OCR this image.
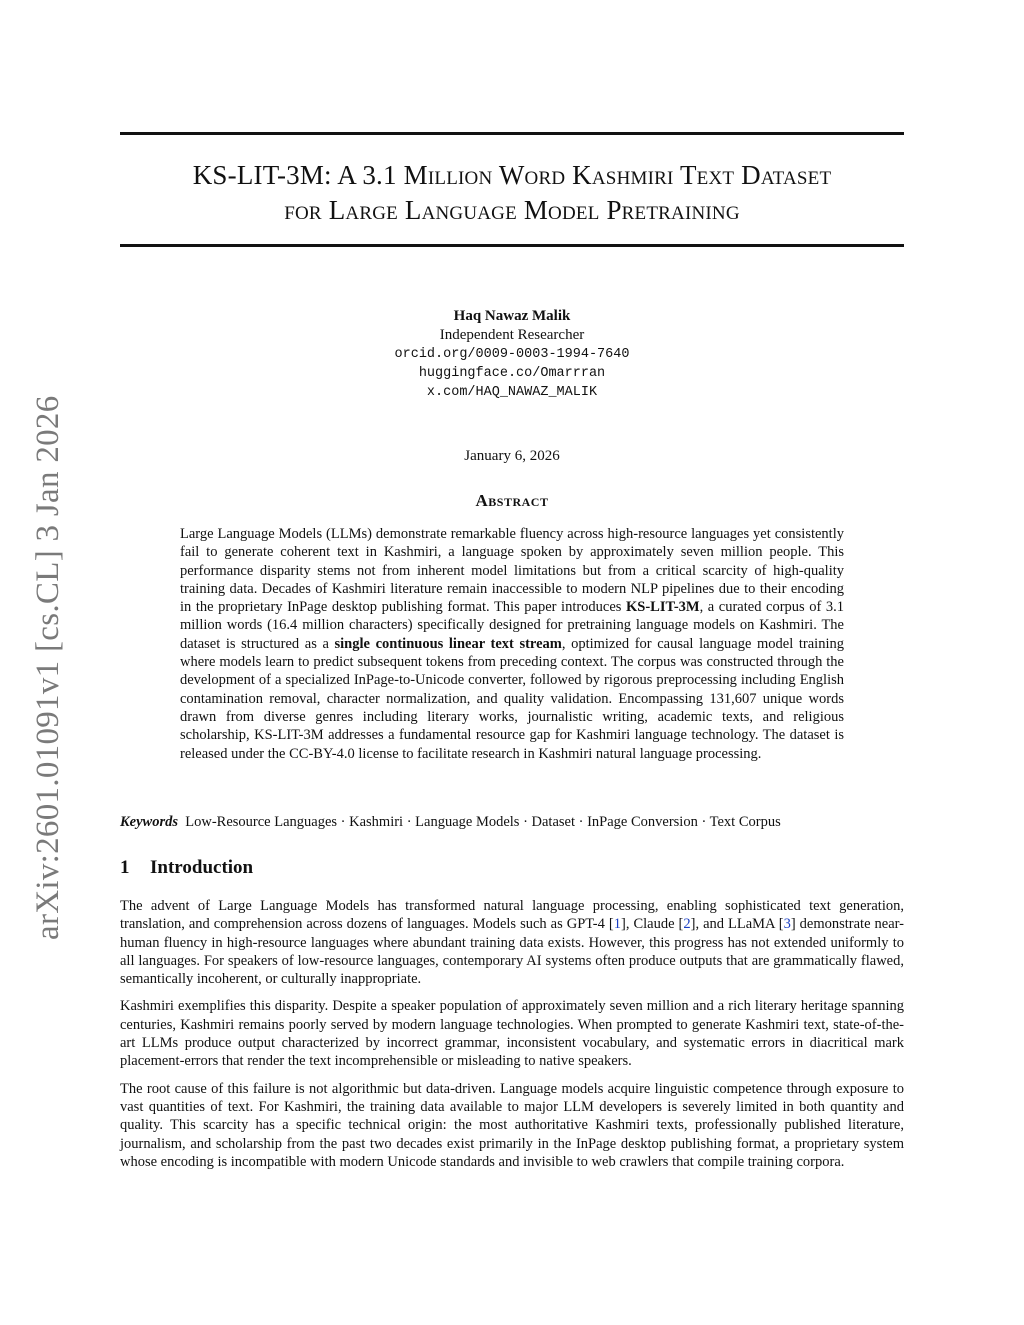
arXiv:2601.01091v1 [cs.CL] 3 Jan 2026
KS-LIT-3M: A 3.1 Million Word Kashmiri Text Dataset
for Large Language Model Pretraining
Haq Nawaz Malik
Independent Researcher
orcid.org/0009-0003-1994-7640
huggingface.co/Omarrran
x.com/HAQ_NAWAZ_MALIK
January 6, 2026
Abstract
Large Language Models (LLMs) demonstrate remarkable fluency across high-resource languages yet consistently fail to generate coherent text in Kashmiri, a language spoken by approximately seven million people. This performance disparity stems not from inherent model limitations but from a critical scarcity of high-quality training data. Decades of Kashmiri literature remain inaccessible to modern NLP pipelines due to their encoding in the proprietary InPage desktop publishing format. This paper introduces KS-LIT-3M, a curated corpus of 3.1 million words (16.4 million characters) specifically designed for pretraining language models on Kashmiri. The dataset is structured as a single continuous linear text stream, optimized for causal language model training where models learn to predict subsequent tokens from preceding context. The corpus was constructed through the development of a specialized InPage-to-Unicode converter, followed by rigorous preprocessing including English contamination removal, character normalization, and quality validation. Encompassing 131,607 unique words drawn from diverse genres including literary works, journalistic writing, academic texts, and religious scholarship, KS-LIT-3M addresses a fundamental resource gap for Kashmiri language technology. The dataset is released under the CC-BY-4.0 license to facilitate research in Kashmiri natural language processing.
Keywords Low-Resource Languages · Kashmiri · Language Models · Dataset · InPage Conversion · Text Corpus
1 Introduction

The advent of Large Language Models has transformed natural language processing, enabling sophisticated text generation, translation, and comprehension across dozens of languages. Models such as GPT-4 [1], Claude [2], and LLaMA [3] demonstrate near-human fluency in high-resource languages where abundant training data exists. However, this progress has not extended uniformly to all languages. For speakers of low-resource languages, contemporary AI systems often produce outputs that are grammatically flawed, semantically incoherent, or culturally inappropriate.

Kashmiri exemplifies this disparity. Despite a speaker population of approximately seven million and a rich literary heritage spanning centuries, Kashmiri remains poorly served by modern language technologies. When prompted to generate Kashmiri text, state-of-the-art LLMs produce output characterized by incorrect grammar, inconsistent vocabulary, and systematic errors in diacritical mark placement-errors that render the text incomprehensible or misleading to native speakers.

The root cause of this failure is not algorithmic but data-driven. Language models acquire linguistic competence through exposure to vast quantities of text. For Kashmiri, the training data available to major LLM developers is severely limited in both quantity and quality. This scarcity has a specific technical origin: the most authoritative Kashmiri texts, professionally published literature, journalism, and scholarship from the past two decades exist primarily in the InPage desktop publishing format, a proprietary system whose encoding is incompatible with modern Unicode standards and invisible to web crawlers that compile training corpora.
